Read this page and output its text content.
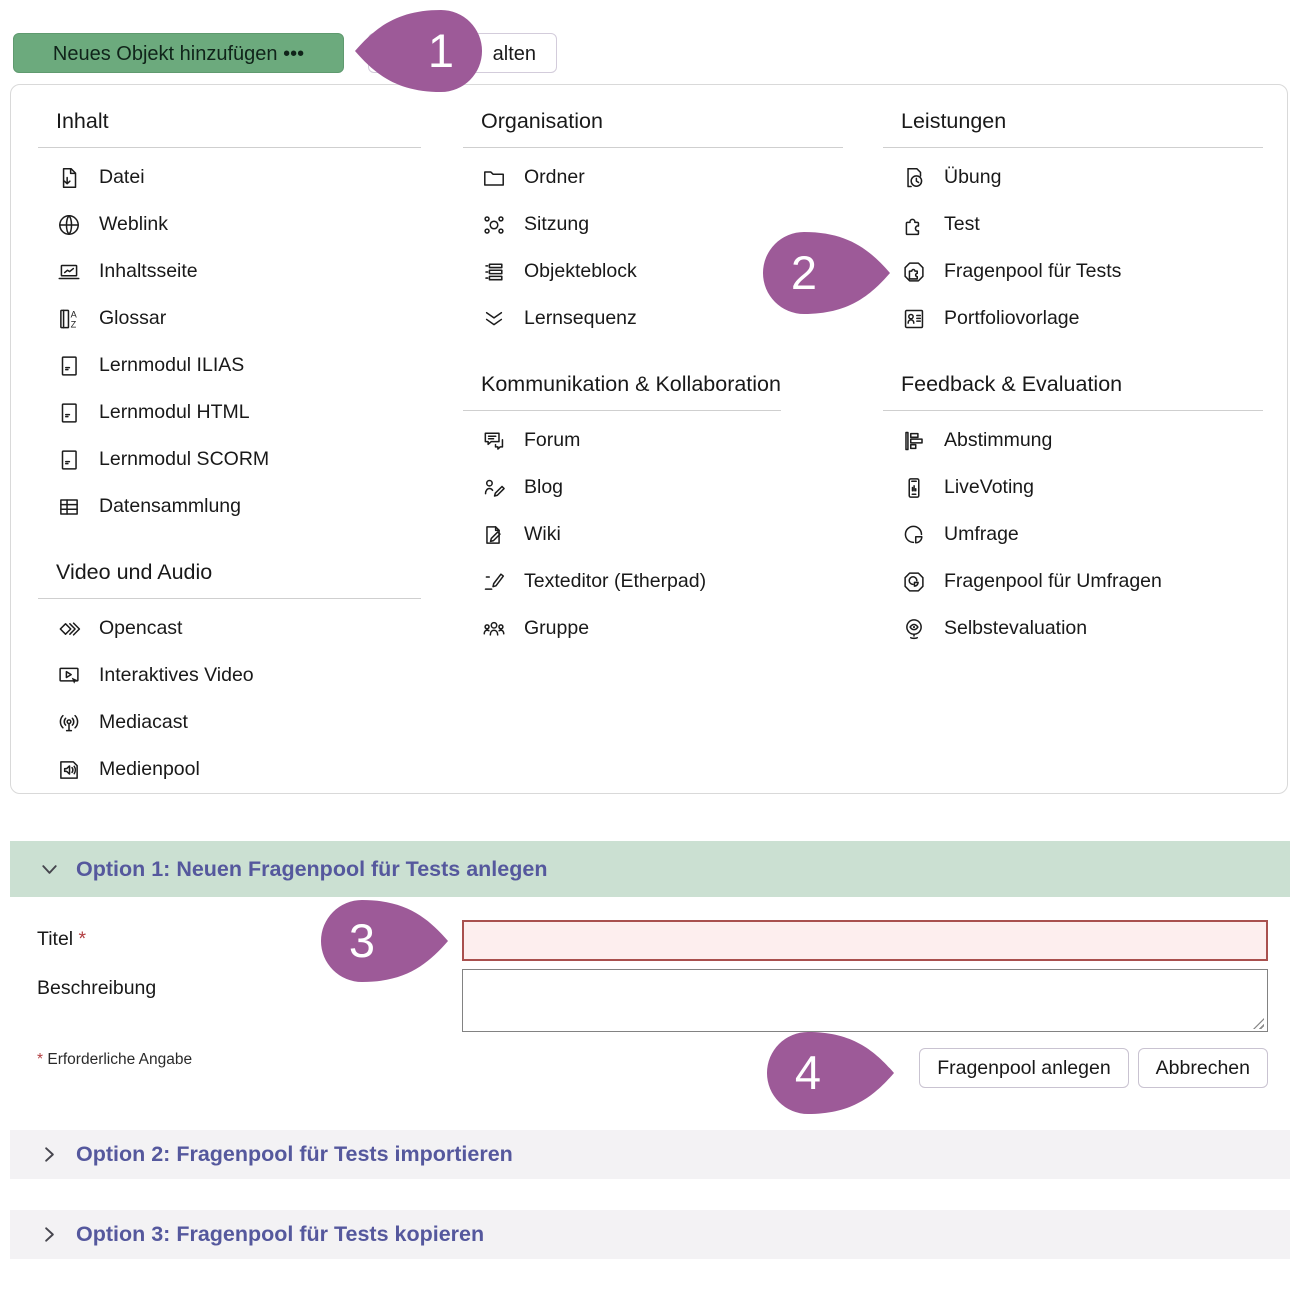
Neues Objekt hinzufügen •••	alten
Inhalt
Datei
Weblink
Inhaltsseite
Glossar
Lernmodul ILIAS
Lernmodul HTML
Lernmodul SCORM
Datensammlung
Video und Audio
Opencast
Interaktives Video
Mediacast
Medienpool
Organisation
Ordner
Sitzung
Objekteblock
Lernsequenz
Kommunikation & Kollaboration
Forum
Blog
Wiki
Texteditor (Etherpad)
Gruppe
Leistungen
Übung
Test
Fragenpool für Tests
Portfoliovorlage
Feedback & Evaluation
Abstimmung
LiveVoting
Umfrage
Fragenpool für Umfragen
Selbstevaluation
Option 1: Neuen Fragenpool für Tests anlegen
Titel *
Beschreibung
* Erforderliche Angabe	Fragenpool anlegen	Abbrechen
Option 2: Fragenpool für Tests importieren
Option 3: Fragenpool für Tests kopieren
1
2
3
4
